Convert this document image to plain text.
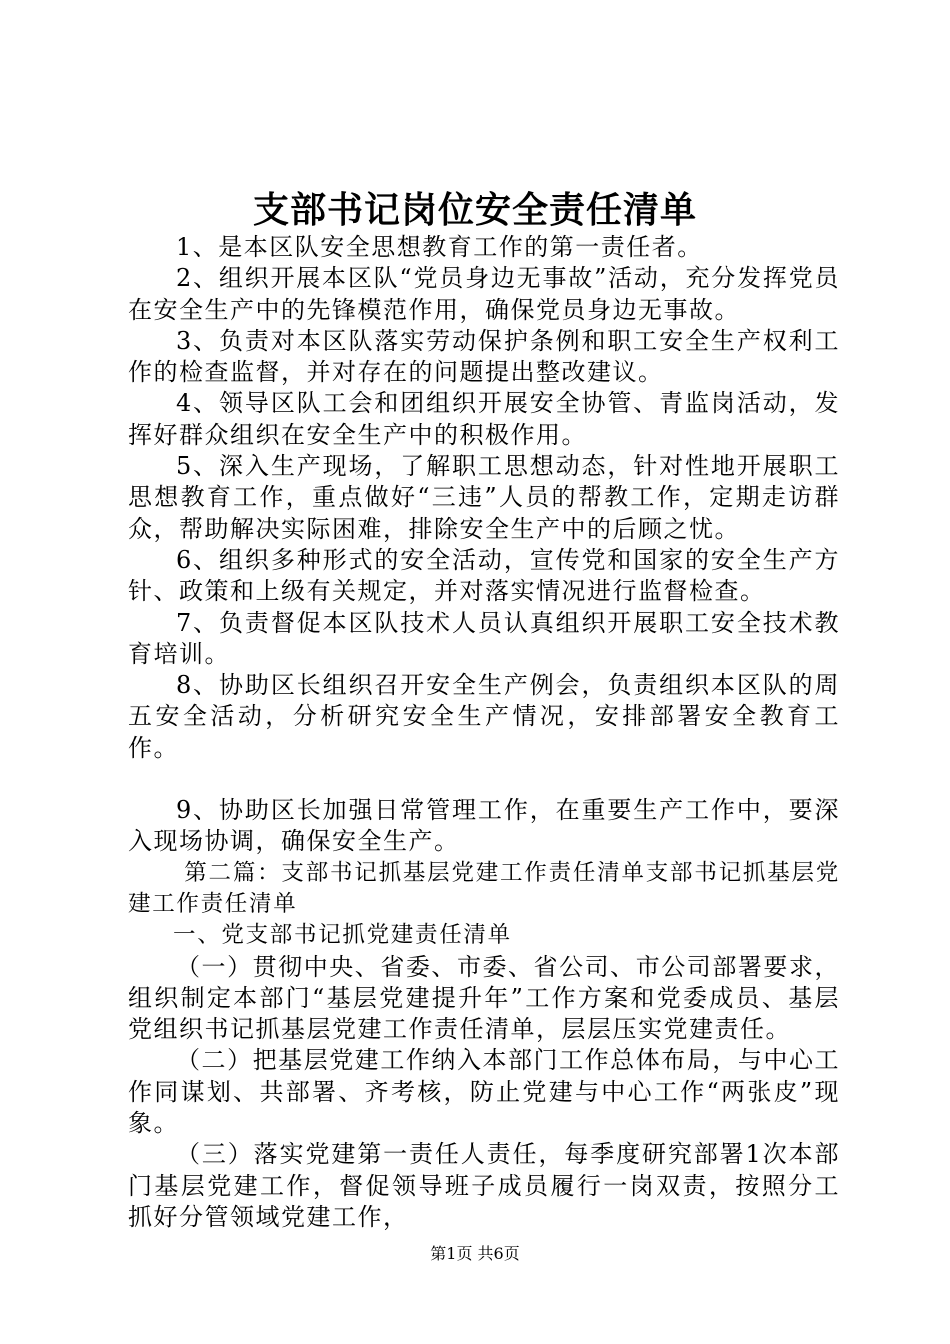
支部书记岗位安全责任清单

1、是本区队安全思想教育工作的第一责任者。

2、组织开展本区队“党员身边无事故”活动，充分发挥党员在安全生产中的先锋模范作用，确保党员身边无事故。

3、负责对本区队落实劳动保护条例和职工安全生产权利工作的检查监督，并对存在的问题提出整改建议。

4、领导区队工会和团组织开展安全协管、青监岗活动，发挥好群众组织在安全生产中的积极作用。

5、深入生产现场，了解职工思想动态，针对性地开展职工思想教育工作，重点做好“三违”人员的帮教工作，定期走访群众，帮助解决实际困难，排除安全生产中的后顾之忧。

6、组织多种形式的安全活动，宣传党和国家的安全生产方针、政策和上级有关规定，并对落实情况进行监督检查。

7、负责督促本区队技术人员认真组织开展职工安全技术教育培训。

8、协助区长组织召开安全生产例会，负责组织本区队的周五安全活动，分析研究安全生产情况，安排部署安全教育工作。

9、协助区长加强日常管理工作，在重要生产工作中，要深入现场协调，确保安全生产。

第二篇：支部书记抓基层党建工作责任清单支部书记抓基层党建工作责任清单

一、党支部书记抓党建责任清单

（一）贯彻中央、省委、市委、省公司、市公司部署要求，组织制定本部门“基层党建提升年”工作方案和党委成员、基层党组织书记抓基层党建工作责任清单，层层压实党建责任。

（二）把基层党建工作纳入本部门工作总体布局，与中心工作同谋划、共部署、齐考核，防止党建与中心工作“两张皮”现象。

（三）落实党建第一责任人责任，每季度研究部署1次本部门基层党建工作，督促领导班子成员履行一岗双责，按照分工抓好分管领域党建工作，

第1页 共6页
